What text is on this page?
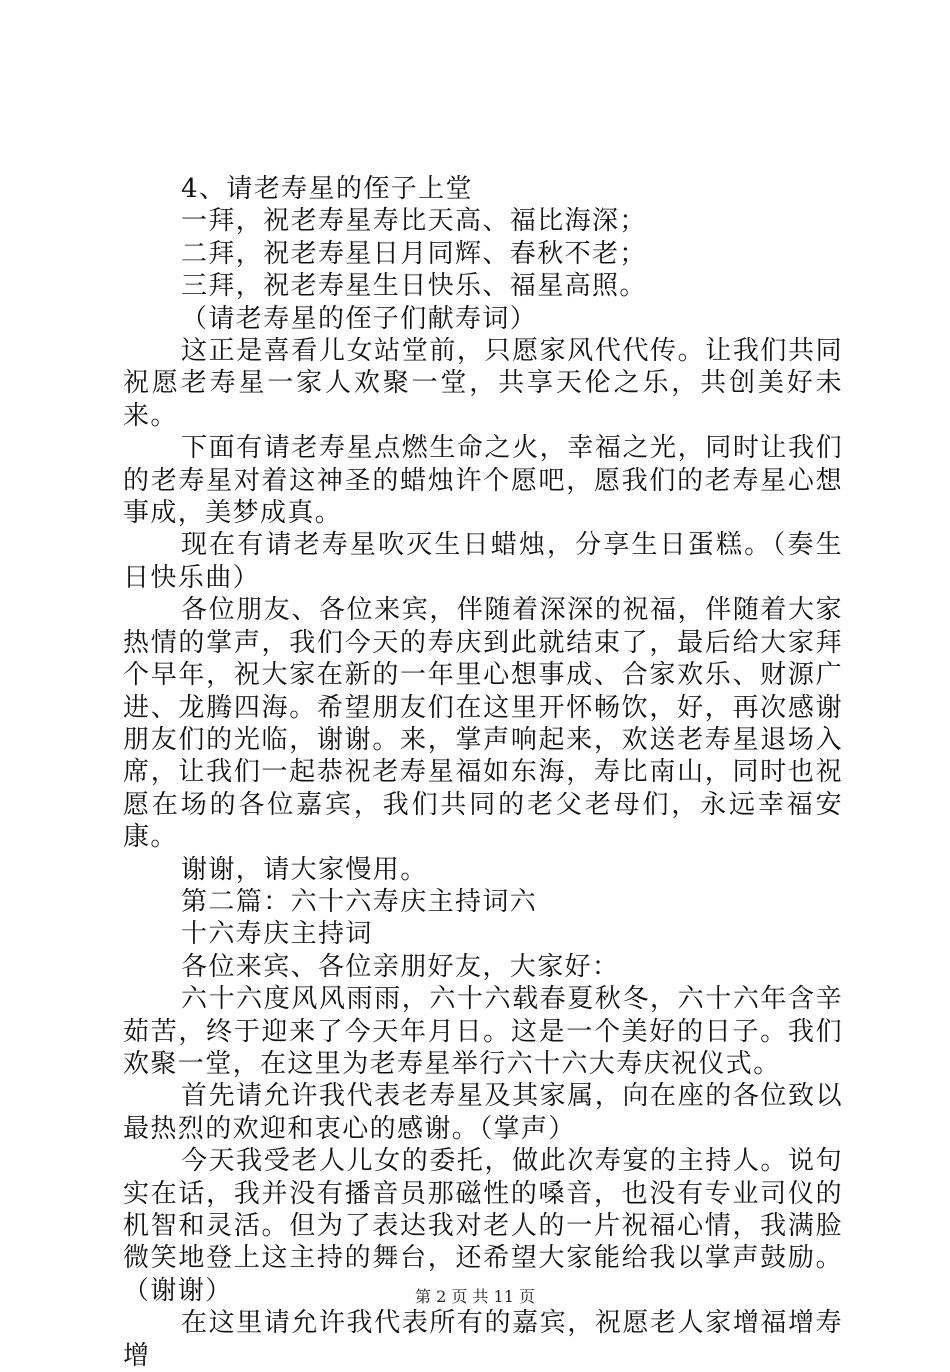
4、请老寿星的侄子上堂

一拜，祝老寿星寿比天高、福比海深；

二拜，祝老寿星日月同辉、春秋不老；

三拜，祝老寿星生日快乐、福星高照。

（请老寿星的侄子们献寿词）

这正是喜看儿女站堂前，只愿家风代代传。让我们共同祝愿老寿星一家人欢聚一堂，共享天伦之乐，共创美好未来。

下面有请老寿星点燃生命之火，幸福之光，同时让我们的老寿星对着这神圣的蜡烛许个愿吧，愿我们的老寿星心想事成，美梦成真。

现在有请老寿星吹灭生日蜡烛，分享生日蛋糕。（奏生日快乐曲）

各位朋友、各位来宾，伴随着深深的祝福，伴随着大家热情的掌声，我们今天的寿庆到此就结束了，最后给大家拜个早年，祝大家在新的一年里心想事成、合家欢乐、财源广进、龙腾四海。希望朋友们在这里开怀畅饮，好，再次感谢朋友们的光临，谢谢。来，掌声响起来，欢送老寿星退场入席，让我们一起恭祝老寿星福如东海，寿比南山，同时也祝愿在场的各位嘉宾，我们共同的老父老母们，永远幸福安康。

谢谢，请大家慢用。

第二篇：六十六寿庆主持词六

十六寿庆主持词

各位来宾、各位亲朋好友，大家好：

六十六度风风雨雨，六十六载春夏秋冬，六十六年含辛茹苦，终于迎来了今天年月日。这是一个美好的日子。我们欢聚一堂，在这里为老寿星举行六十六大寿庆祝仪式。

首先请允许我代表老寿星及其家属，向在座的各位致以最热烈的欢迎和衷心的感谢。（掌声）

今天我受老人儿女的委托，做此次寿宴的主持人。说句实在话，我并没有播音员那磁性的嗓音，也没有专业司仪的机智和灵活。但为了表达我对老人的一片祝福心情，我满脸微笑地登上这主持的舞台，还希望大家能给我以掌声鼓励。（谢谢）

在这里请允许我代表所有的嘉宾，祝愿老人家增福增寿增

第 2 页 共 11 页
